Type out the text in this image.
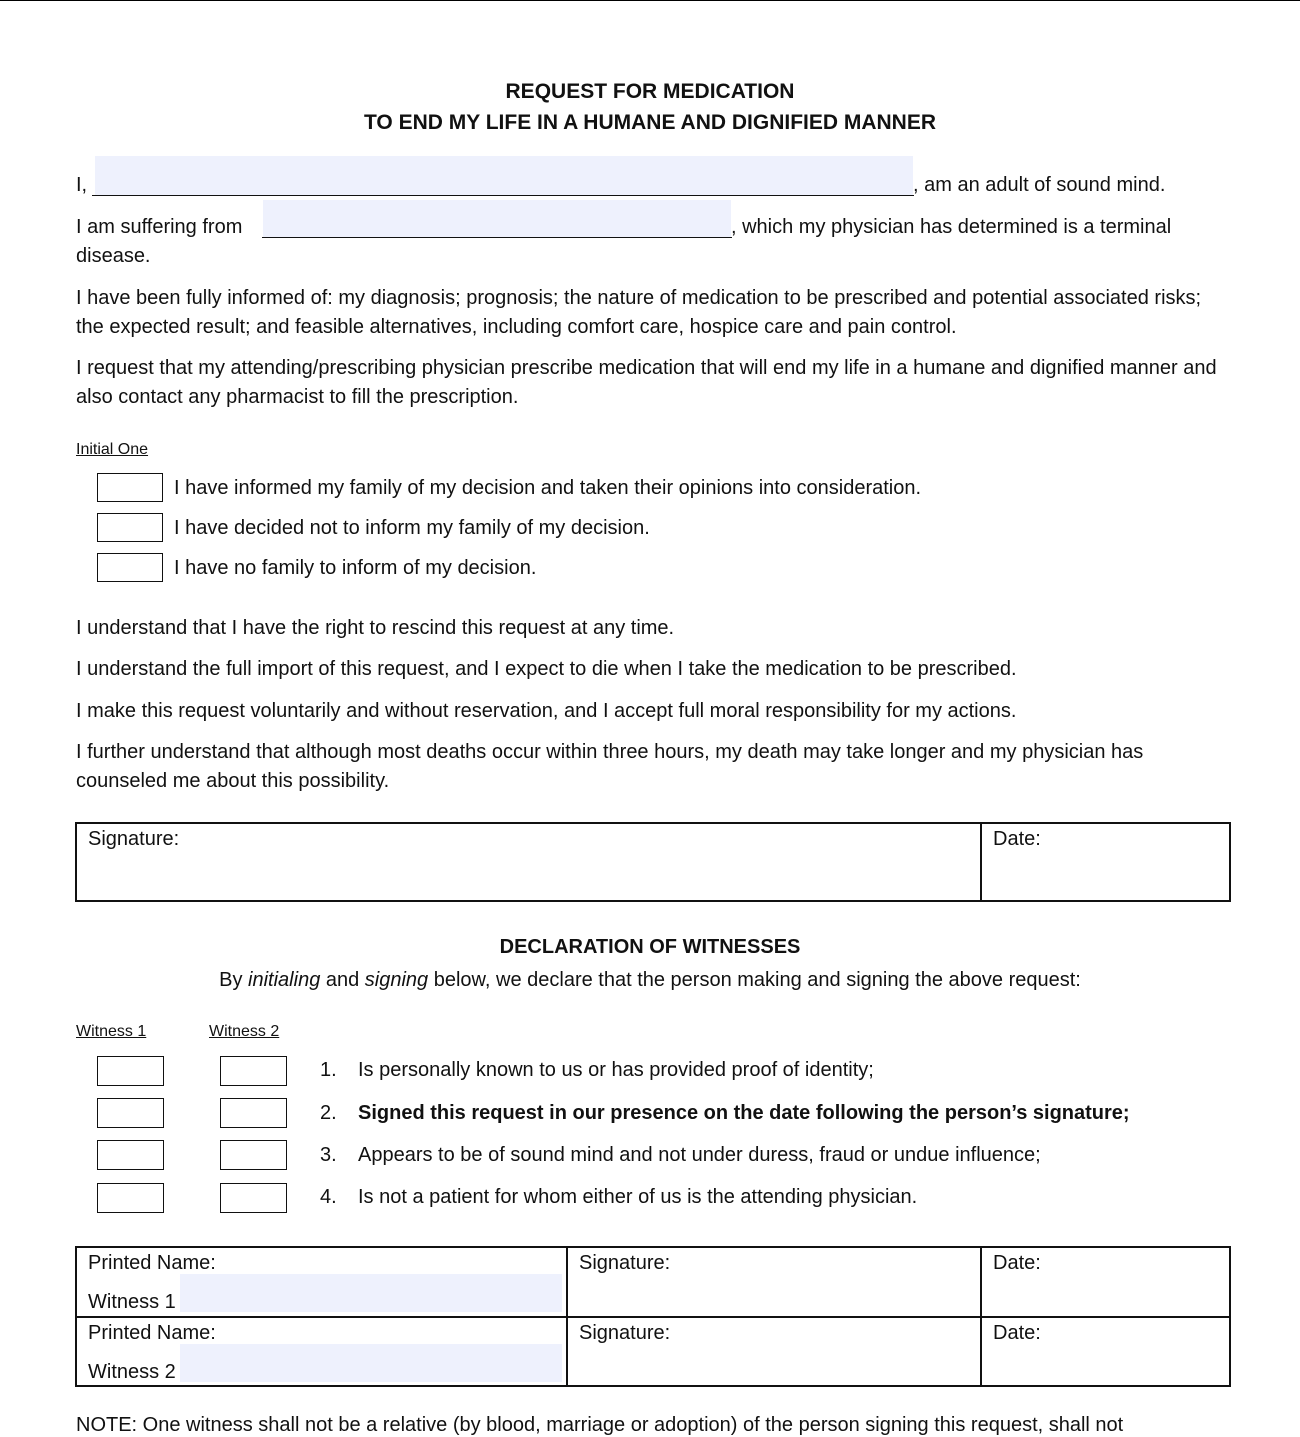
REQUEST FOR MEDICATION
TO END MY LIFE IN A HUMANE AND DIGNIFIED MANNER
I,	, am an adult of sound mind.
I am suffering from	, which my physician has determined is a terminal
disease.
I have been fully informed of: my diagnosis; prognosis; the nature of medication to be prescribed and potential associated risks; the expected result; and feasible alternatives, including comfort care, hospice care and pain control.
I request that my attending/prescribing physician prescribe medication that will end my life in a humane and dignified manner and also contact any pharmacist to fill the prescription.
Initial One
I have informed my family of my decision and taken their opinions into consideration.
I have decided not to inform my family of my decision.
I have no family to inform of my decision.
I understand that I have the right to rescind this request at any time.
I understand the full import of this request, and I expect to die when I take the medication to be prescribed.
I make this request voluntarily and without reservation, and I accept full moral responsibility for my actions.
I further understand that although most deaths occur within three hours, my death may take longer and my physician has counseled me about this possibility.
Signature:	Date:
DECLARATION OF WITNESSES
By initialing and signing below, we declare that the person making and signing the above request:
Witness 1	Witness 2
1. Is personally known to us or has provided proof of identity;
2. Signed this request in our presence on the date following the person’s signature;
3. Appears to be of sound mind and not under duress, fraud or undue influence;
4. Is not a patient for whom either of us is the attending physician.
Printed Name:
Witness 1	Signature:	Date:

Printed Name:
Witness 2	Signature:	Date:
NOTE: One witness shall not be a relative (by blood, marriage or adoption) of the person signing this request, shall not
